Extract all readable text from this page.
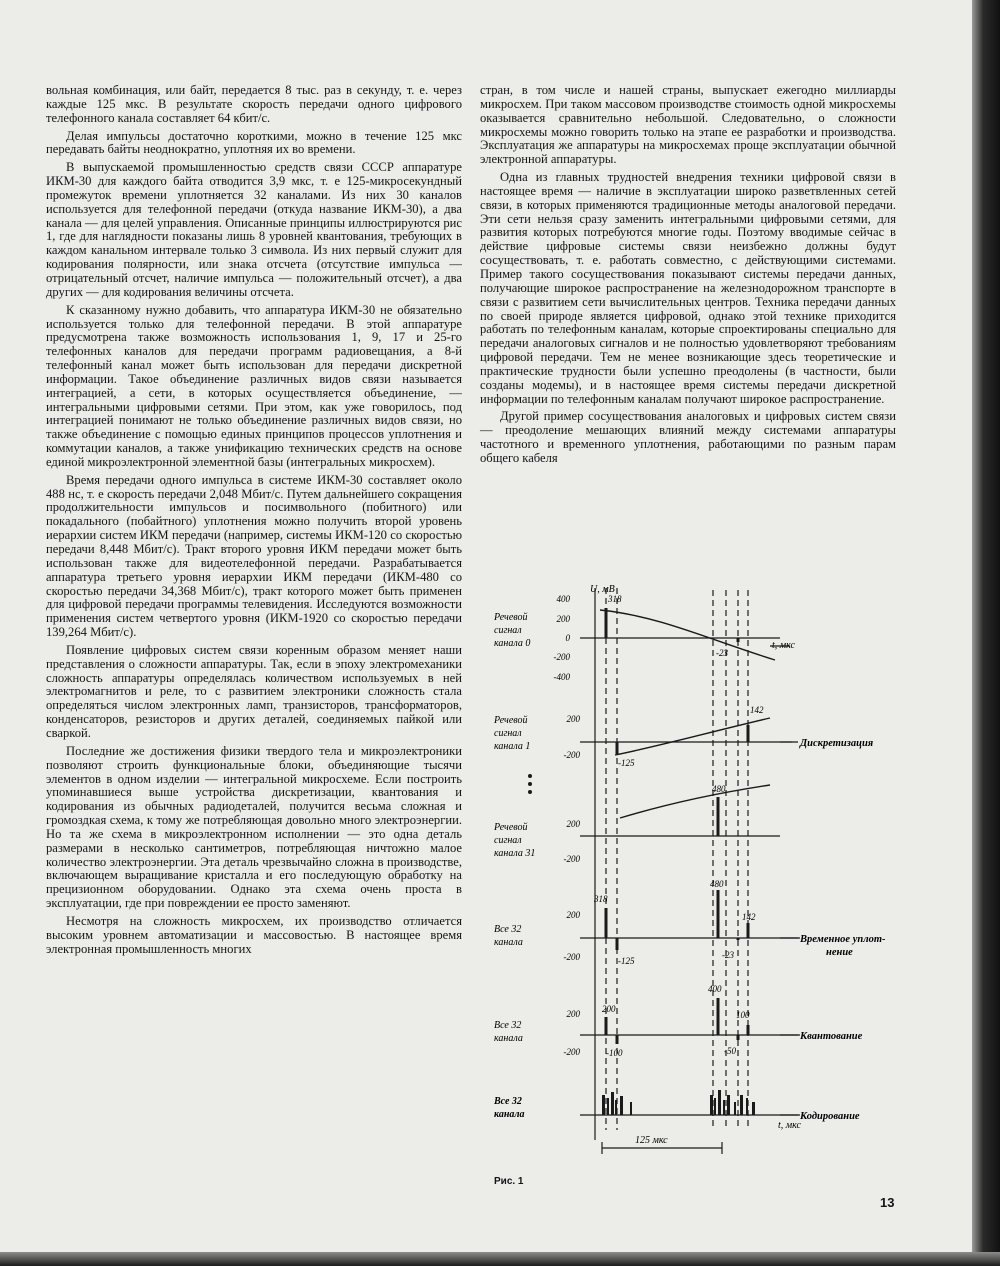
вольная комбинация, или байт, передается 8 тыс. раз в секунду, т. е. через каждые 125 мкс. В результате скорость передачи одного цифрового телефонного канала составляет 64 кбит/с.

Делая импульсы достаточно короткими, можно в течение 125 мкс передавать байты неоднократно, уплотняя их во времени.

В выпускаемой промышленностью средств связи СССР аппаратуре ИКМ-30 для каждого байта отводится 3,9 мкс, т. е 125-микросекундный промежуток времени уплотняется 32 каналами. Из них 30 каналов используется для телефонной передачи (откуда название ИКМ-30), а два канала — для целей управления. Описанные принципы иллюстрируются рис 1, где для наглядности показаны лишь 8 уровней квантования, требующих в каждом канальном интервале только 3 символа. Из них первый служит для кодирования полярности, или знака отсчета (отсутствие импульса — отрицательный отсчет, наличие импульса — положительный отсчет), а два других — для кодирования величины отсчета.

К сказанному нужно добавить, что аппаратура ИКМ-30 не обязательно используется только для телефонной передачи. В этой аппаратуре предусмотрена также возможность использования 1, 9, 17 и 25-го телефонных каналов для передачи программ радиовещания, а 8-й телефонный канал может быть использован для передачи дискретной информации. Такое объединение различных видов связи называется интеграцией, а сети, в которых осуществляется объединение, — интегральными цифровыми сетями. При этом, как уже говорилось, под интеграцией понимают не только объединение различных видов связи, но также объединение с помощью единых принципов процессов уплотнения и коммутации каналов, а также унификацию технических средств на основе единой микроэлектронной элементной базы (интегральных микросхем).

Время передачи одного импульса в системе ИКМ-30 составляет около 488 нс, т. е скорость передачи 2,048 Мбит/с. Путем дальнейшего сокращения продолжительности импульсов и посимвольного (побитного) или покадального (побайтного) уплотнения можно получить второй уровень иерархии систем ИКМ передачи (например, системы ИКМ-120 со скоростью передачи 8,448 Мбит/с). Тракт второго уровня ИКМ передачи может быть использован также для видеотелефонной передачи. Разрабатывается аппаратура третьего уровня иерархии ИКМ передачи (ИКМ-480 со скоростью передачи 34,368 Мбит/с), тракт которого может быть применен для цифровой передачи программы телевидения. Исследуются возможности применения систем четвертого уровня (ИКМ-1920 со скоростью передачи 139,264 Мбит/с).

Появление цифровых систем связи коренным образом меняет наши представления о сложности аппаратуры. Так, если в эпоху электромеханики сложность аппаратуры определялась количеством используемых в ней электромагнитов и реле, то с развитием электроники сложность стала определяться числом электронных ламп, транзисторов, трансформаторов, конденсаторов, резисторов и других деталей, соединяемых пайкой или сваркой.

Последние же достижения физики твердого тела и микроэлектроники позволяют строить функциональные блоки, объединяющие тысячи элементов в одном изделии — интегральной микросхеме. Если построить упоминавшиеся выше устройства дискретизации, квантования и кодирования из обычных радиодеталей, получится весьма сложная и громоздкая схема, к тому же потребляющая довольно много электроэнергии. Но та же схема в микроэлектронном исполнении — это одна деталь размерами в несколько сантиметров, потребляющая ничтожно малое количество электроэнергии. Эта деталь чрезвычайно сложна в производстве, включающем выращивание кристалла и его последующую обработку на прецизионном оборудовании. Однако эта схема очень проста в эксплуатации, где при повреждении ее просто заменяют.

Несмотря на сложность микросхем, их производство отличается высоким уровнем автоматизации и массовостью. В настоящее время электронная промышленность многих

стран, в том числе и нашей страны, выпускает ежегодно миллиарды микросхем. При таком массовом производстве стоимость одной микросхемы оказывается сравнительно небольшой. Следовательно, о сложности микросхемы можно говорить только на этапе ее разработки и производства. Эксплуатация же аппаратуры на микросхемах проще эксплуатации обычной электронной аппаратуры.

Одна из главных трудностей внедрения техники цифровой связи в настоящее время — наличие в эксплуатации широко разветвленных сетей связи, в которых применяются традиционные методы аналоговой передачи. Эти сети нельзя сразу заменить интегральными цифровыми сетями, для развития которых потребуются многие годы. Поэтому вводимые сейчас в действие цифровые системы связи неизбежно должны будут сосуществовать, т. е. работать совместно, с действующими системами. Пример такого сосуществования показывают системы передачи данных, получающие широкое распространение на железнодорожном транспорте в связи с развитием сети вычислительных центров. Техника передачи данных по своей природе является цифровой, однако этой технике приходится работать по телефонным каналам, которые спроектированы специально для передачи аналоговых сигналов и не полностью удовлетворяют требованиям цифровой передачи. Тем не менее возникающие здесь теоретические и практические трудности были успешно преодолены (в частности, были созданы модемы), и в настоящее время системы передачи дискретной информации по телефонным каналам получают широкое распространение.

Другой пример сосуществования аналоговых и цифровых систем связи — преодоление мешающих влияний между системами аппаратуры частотного и временного уплотнения, работающими по разным парам общего кабеля

U, мВ
t, мкс
t, мкс
400
200
0
-200
-400
200
-200
200
-200
200
-200
200
-200
318
-23
142
-125
480
480
318
-125
-23
142
400
200
100
-100	-50
Речевой
сигнал
канала 0
Речевой
сигнал
канала 1
Речевой
сигнал
канала 31
Все 32
канала
Все 32
канала
Все 32
канала
Дискретизация
Временное уплот-
нение
Квантование
Кодирование
125 мкс
Рис. 1
13
